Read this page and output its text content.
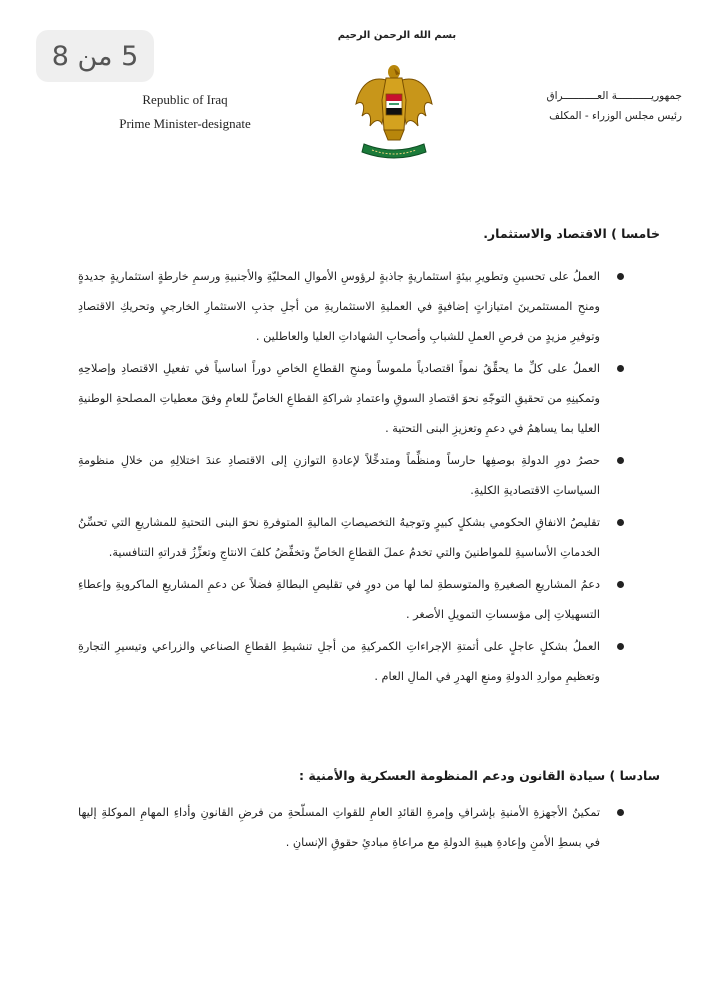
5 من 8
بسم الله الرحمن الرحيم
Republic of Iraq
Prime Minister-designate
جمهوريـــــــــــة العـــــــــــراق
رئيس مجلس الوزراء - المكلف
خامسا ) الاقتصاد والاستثمار.
العملُ على تحسينِ وتطويرِ بيئةٍ استثماريةٍ جاذبةٍ لرؤوسِ الأموالِ المحليّةِ والأجنبيةِ ورسمِ خارطةٍ استثماريةٍ جديدةٍ ومنحِ المستثمرينَ امتيازاتٍ إضافيةٍ في العمليةِ الاستثماريةِ من أجلِ جذبِ الاستثمارِ الخارجيِ وتحريكِ الاقتصادِ وتوفيرِ مزيدٍ من فرصِ العملِ للشبابِ وأصحابِ الشهاداتِ العليا والعاطلين .
العملُ على كلِّ ما يحقِّقُ نمواً اقتصادياً ملموساً ومنحِ القطاعِ الخاصِ دوراً اساسياً في تفعيلِ الاقتصادِ وإصلاحِهِ وتمكينِهِ من تحقيقِ التوجّهِ نحوَ اقتصادِ السوقِ واعتمادِ شراكةِ القطاعِ الخاصِّ للعامِ وفقَ معطياتِ المصلحةِ الوطنيةِ العليا بما يساهمُ في دعمِ وتعزيزِ البنى التحتية .
حصرُ دورِ الدولةِ بوصفِها حارساً ومنظِّماً ومتدخِّلاً لإعادةِ التوازنِ إلى الاقتصادِ عندَ اختلالِهِ من خلالِ منظومةِ السياساتِ الاقتصاديةِ الكليةِ.
تقليصُ الانفاقِ الحكومي بشكلٍ كبيرٍ وتوجيهُ التخصيصاتِ الماليةِ المتوفرةِ نحوَ البنى التحتيةِ للمشاريعِ التي تحسِّنُ الخدماتِ الأساسيةِ للمواطنينَ والتي تخدمُ عملَ القطاعِ الخاصِّ وتخفِّضُ كلفَ الانتاجِ وتعزِّزُ قدراتهِ التنافسية.
دعمُ المشاريعِ الصغيرةِ والمتوسطةِ لما لها من دورٍ في تقليصِ البطالةِ فضلاً عن دعمِ المشاريعِ الماكرويةِ وإعطاءِ التسهيلاتِ إلى مؤسساتِ التمويلِ الأصغر .
العملُ بشكلٍ عاجلٍ على أتمتةِ الإجراءاتِ الكمركيةِ من أجلِ تنشيطِ القطاعِ الصناعي والزراعي وتيسيرِ التجارةِ وتعظيمِ مواردِ الدولةِ ومنعِ الهدرِ في المالِ العام .
سادسا ) سيادة القانون ودعم المنظومة العسكرية والأمنية :
تمكينُ الأجهزةِ الأمنيةِ بإشرافِ وإمرةِ القائدِ العامِ للقواتِ المسلّحةِ من فرضِ القانونِ وأداءِ المهامِ الموكلةِ إليها في بسطِ الأمنِ وإعادةِ هيبةِ الدولةِ مع مراعاةِ مبادئِ حقوقِ الإنسانِ .
